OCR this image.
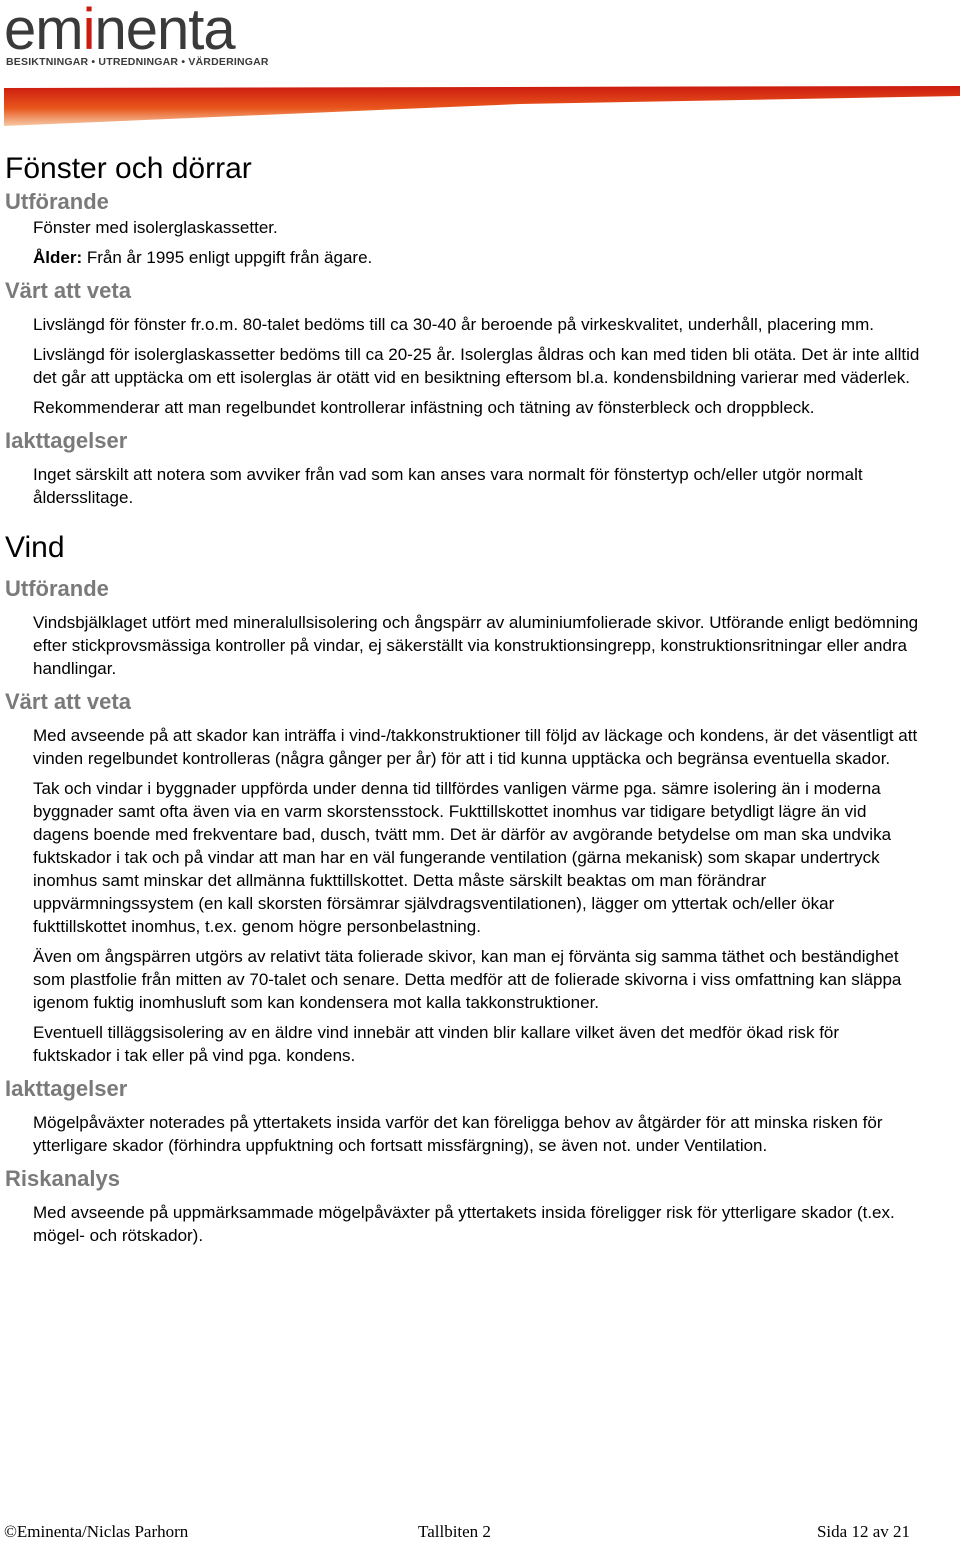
eminenta
BESIKTNINGAR • UTREDNINGAR • VÄRDERINGAR
Fönster och dörrar
Utförande

Fönster med isolerglaskassetter.

Ålder: Från år 1995 enligt uppgift från ägare.

Värt att veta

Livslängd för fönster fr.o.m. 80-talet bedöms till ca 30-40 år beroende på virkeskvalitet, underhåll, placering mm.

Livslängd för isolerglaskassetter bedöms till ca 20-25 år. Isolerglas åldras och kan med tiden bli otäta. Det är inte alltid det går att upptäcka om ett isolerglas är otätt vid en besiktning eftersom bl.a. kondensbildning varierar med väderlek.

Rekommenderar att man regelbundet kontrollerar infästning och tätning av fönsterbleck och droppbleck.

Iakttagelser

Inget särskilt att notera som avviker från vad som kan anses vara normalt för fönstertyp och/eller utgör normalt åldersslitage.

Vind
Utförande

Vindsbjälklaget utfört med mineralullsisolering och ångspärr av aluminiumfolierade skivor. Utförande enligt bedömning efter stickprovsmässiga kontroller på vindar, ej säkerställt via konstruktionsingrepp, konstruktionsritningar eller andra handlingar.

Värt att veta

Med avseende på att skador kan inträffa i vind-/takkonstruktioner till följd av läckage och kondens, är det väsentligt att vinden regelbundet kontrolleras (några gånger per år) för att i tid kunna upptäcka och begränsa eventuella skador.

Tak och vindar i byggnader uppförda under denna tid tillfördes vanligen värme pga. sämre isolering än i moderna byggnader samt ofta även via en varm skorstensstock. Fukttillskottet inomhus var tidigare betydligt lägre än vid dagens boende med frekventare bad, dusch, tvätt mm. Det är därför av avgörande betydelse om man ska undvika fuktskador i tak och på vindar att man har en väl fungerande ventilation (gärna mekanisk) som skapar undertryck inomhus samt minskar det allmänna fukttillskottet. Detta måste särskilt beaktas om man förändrar uppvärmningssystem (en kall skorsten försämrar självdragsventilationen), lägger om yttertak och/eller ökar fukttillskottet inomhus, t.ex. genom högre personbelastning.

Även om ångspärren utgörs av relativt täta folierade skivor, kan man ej förvänta sig samma täthet och beständighet som plastfolie från mitten av 70-talet och senare. Detta medför att de folierade skivorna i viss omfattning kan släppa igenom fuktig inomhusluft som kan kondensera mot kalla takkonstruktioner.

Eventuell tilläggsisolering av en äldre vind innebär att vinden blir kallare vilket även det medför ökad risk för fuktskador i tak eller på vind pga. kondens.

Iakttagelser

Mögelpåväxter noterades på yttertakets insida varför det kan föreligga behov av åtgärder för att minska risken för ytterligare skador (förhindra uppfuktning och fortsatt missfärgning), se även not. under Ventilation.

Riskanalys

Med avseende på uppmärksammade mögelpåväxter på yttertakets insida föreligger risk för ytterligare skador (t.ex. mögel- och rötskador).

©Eminenta/Niclas Parhorn	Tallbiten 2	Sida 12 av 21
